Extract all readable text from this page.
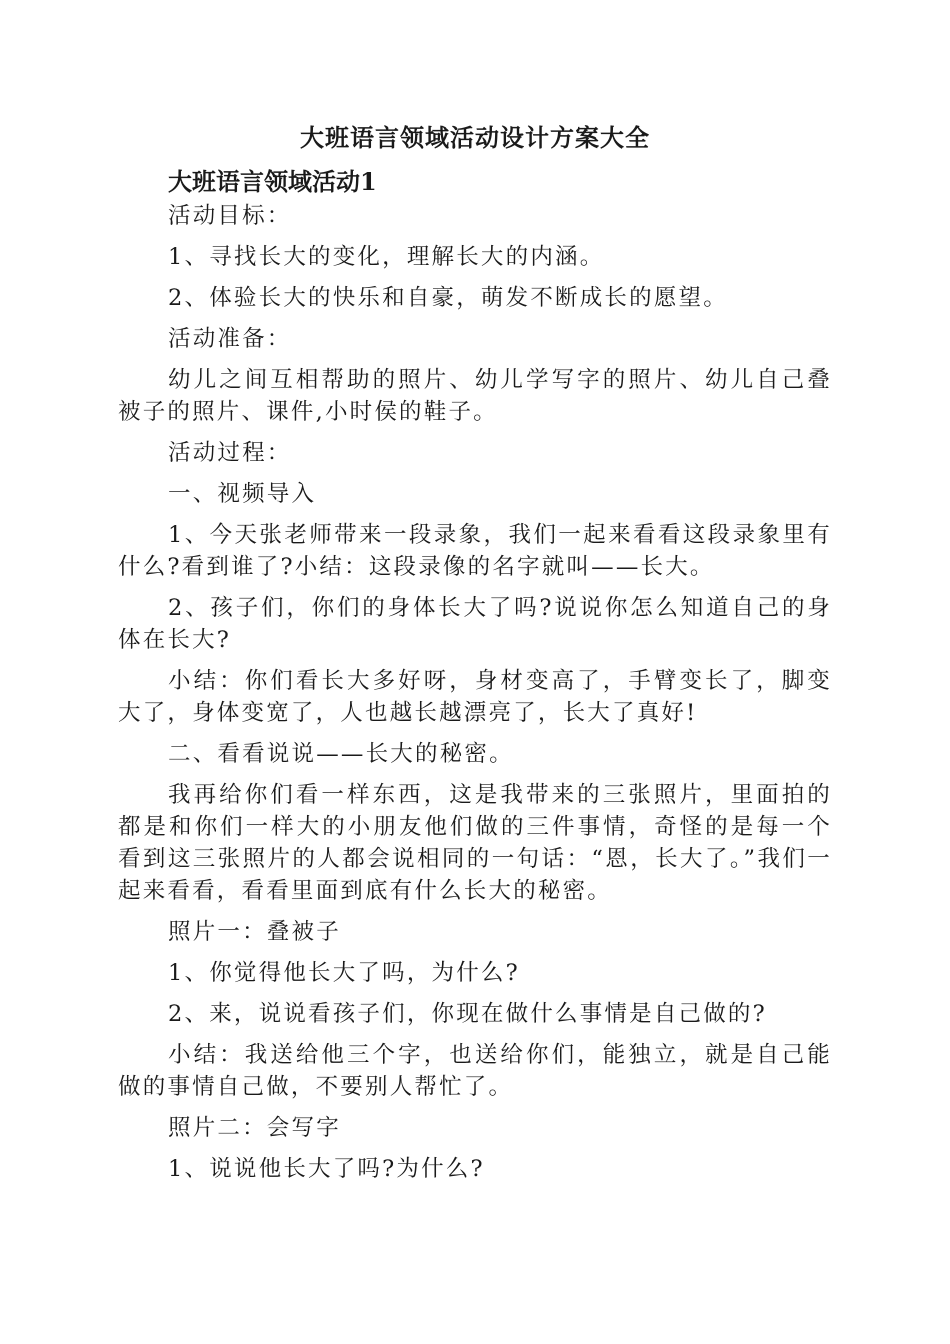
大班语言领域活动设计方案大全
大班语言领域活动1

活动目标：

1、寻找长大的变化，理解长大的内涵。

2、体验长大的快乐和自豪，萌发不断成长的愿望。

活动准备：

幼儿之间互相帮助的照片、幼儿学写字的照片、幼儿自己叠被子的照片、课件,小时侯的鞋子。

活动过程：

一、视频导入

1、今天张老师带来一段录象，我们一起来看看这段录象里有什么?看到谁了?小结：这段录像的名字就叫——长大。

2、孩子们，你们的身体长大了吗?说说你怎么知道自己的身体在长大?

小结：你们看长大多好呀，身材变高了，手臂变长了，脚变大了，身体变宽了，人也越长越漂亮了，长大了真好!

二、看看说说——长大的秘密。

我再给你们看一样东西，这是我带来的三张照片，里面拍的都是和你们一样大的小朋友他们做的三件事情，奇怪的是每一个看到这三张照片的人都会说相同的一句话：“恩，长大了。”我们一起来看看，看看里面到底有什么长大的秘密。

照片一：叠被子

1、你觉得他长大了吗，为什么?

2、来，说说看孩子们，你现在做什么事情是自己做的?

小结：我送给他三个字，也送给你们，能独立，就是自己能做的事情自己做，不要别人帮忙了。

照片二：会写字

1、说说他长大了吗?为什么?
